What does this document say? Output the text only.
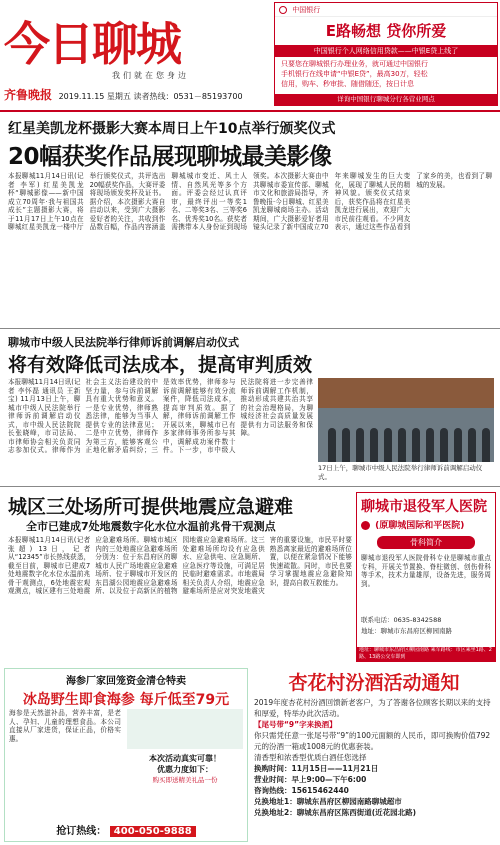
今日聊城
我们就在您身边
齐鲁晚报 2019.11.15 星期五 读者热线：0531－85193700
中国银行
E路畅想 贷你所爱
中国银行个人网络信用贷款——中银E贷上线了
只要您在聊城银行办理业务，就可通过中国银行
手机银行在线申请“中银E贷”，最高30万，轻松
信用，购车、秒审批、随借随还，按日计息
详询中国银行聊城分行各营业网点
红星美凯龙杯摄影大赛本周日上午10点举行颁奖仪式
20幅获奖作品展现聊城最美影像
本报聊城11月14日讯(记者 李军) 红星美凯龙杯“聊城影像——新中国成立70周年·我与祖国共成长”主题摄影大赛，将于11月17日上午10点在聊城红星美凯龙一楼中厅举行颁奖仪式，共评选出20幅获奖作品，大赛评委将现场颁发奖杯及证书。据介绍，本次摄影大赛自启动以来，受到广大摄影爱好者的关注，共收到作品数百幅，作品内容涵盖聊城城市变迁、风土人情、自然风光等多个方面。评委会经过认真评审，最终评出一等奖1名、二等奖3名、三等奖6名、优秀奖10名。获奖者需携带本人身份证到现场领奖。本次摄影大赛由中共聊城市委宣传部、聊城市文化和旅游局指导，齐鲁晚报·今日聊城、红星美凯龙聊城商场主办。活动期间，广大摄影爱好者用镜头记录了新中国成立70年来聊城发生的巨大变化，展现了聊城人民的精神风貌。颁奖仪式结束后，获奖作品将在红星美凯龙进行展出，欢迎广大市民前往观看。不少网友表示，通过这些作品看到了家乡的美，也看到了聊城的发展。
聊城市中级人民法院举行律师诉前调解启动仪式
将有效降低司法成本，提高审判质效
本报聊城11月14日讯(记者 李怀磊 通讯员 王新宝) 11月13日上午，聊城市中级人民法院举行律师诉前调解启动仪式，市中级人民法院院长张晓峰，市司法局、市律师协会相关负责同志参加仪式。律师作为社会主义法治建设的中坚力量，参与诉前调解具有重大优势和意义。一是专业优势，律师熟悉法律，能够为当事人提供专业的法律意见；二是中立优势，律师作为第三方，能够客观公正地化解矛盾纠纷；三是效率优势，律师参与诉前调解能够有效分流案件，降低司法成本，提高审判质效。据了解，律师诉前调解工作开展以来，聊城市已有多家律师事务所参与其中，调解成功案件数十件。下一步，市中级人民法院将进一步完善律师诉前调解工作机制，推动形成共建共治共享的社会治理格局，为聊城经济社会高质量发展提供有力司法服务和保障。
17日上午，聊城市中级人民法院举行律师诉前调解启动仪式。
城区三处场所可提供地震应急避难
全市已建成7处地震数字化水位水温前兆骨干观测点
本报聊城11月14日讯(记者 张超) 13日，记者从“12345”市长热线获悉，截至目前，聊城市已建成7处地震数字化水位水温前兆骨干观测点，6处地震宏观观测点，城区建有三处地震应急避难场所。聊城市城区内的三处地震应急避难场所分别为：位于东昌府区的聊城市人民广场地震应急避难场所、位于聊城市开发区的东昌湖公园地震应急避难场所、以及位于高新区的植物园地震应急避难场所。这三处避难场所均设有应急供水、应急供电、应急厕所、应急医疗等设施，可满足居民临时避难需求。市地震局相关负责人介绍，地震应急避难场所是应对突发地震灾害的重要设施，市民平时要熟悉离家最近的避难场所位置，以便在紧急情况下能够快速疏散。同时，市民也要学习掌握地震应急避险知识，提高自救互救能力。
聊城市退役军人医院
(原聊城国际和平医院)
骨科简介
聊城市退役军人医院骨科专业是聊城市重点专科，开展关节置换、脊柱微创、创伤骨科等手术，技术力量雄厚，设备先进，服务周到。
联系电话：0635-8342588
地址：聊城市东昌府区柳园南路
地址：聊城市东昌府区柳园南路 乘车路线：市区乘坐1路、2路、13路公交车即到
海参厂家回笼资金清仓特卖
冰岛野生即食海参 每斤低至79元
海参是天然滋补品，营养丰富，是老人、孕妇、儿童的理想食品。本公司直接从厂家进货，保证正品，价格实惠。
本次活动真实可靠！
优惠力度如下：
购买即送精美礼品一份
抢订热线： 400-050-9888
杏花村汾酒活动通知
2019年度杏花村汾酒回馈新老客户，为了答谢各位顾客长期以来的支持和厚爱，特举办此次活动。
【尾号带“9”字来换酒】
你只需凭任意一张尾号带“9”的100元面额的人民币，即可换购价值792元的汾酒一箱或1008元的优惠套装。
清香型和浓香型优质白酒任您选择
换购时间：11月15日——11月21日
营业时间：早上9:00—下午6:00
咨询热线：15615462440
兑换地址1：聊城东昌府区柳园南路聊城超市
兑换地址2：聊城东昌府区陈西街道(近花园北路)
